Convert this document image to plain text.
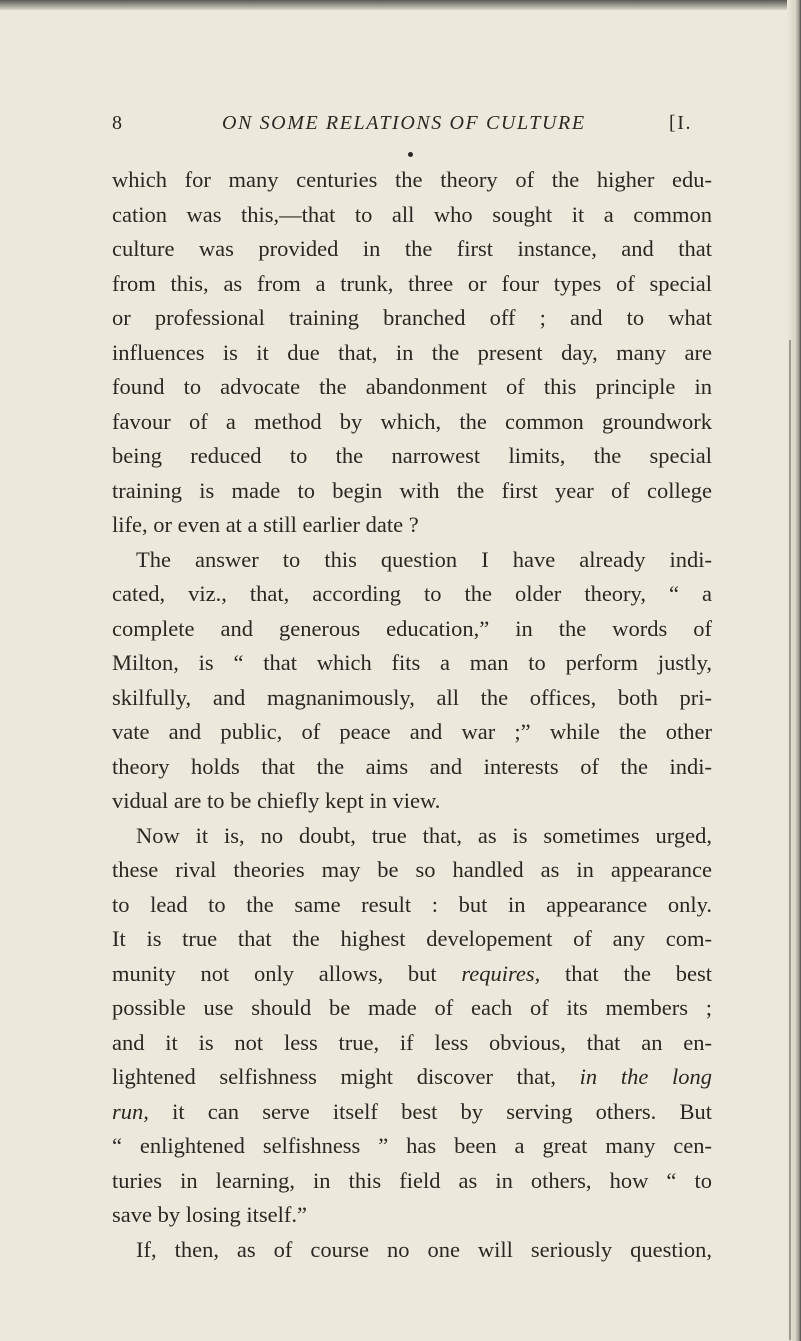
8	ON SOME RELATIONS OF CULTURE	[I.
which for many centuries the theory of the higher edu-
cation was this,—that to all who sought it a common
culture was provided in the first instance, and that
from this, as from a trunk, three or four types of special
or professional training branched off ; and to what
influences is it due that, in the present day, many are
found to advocate the abandonment of this principle in
favour of a method by which, the common groundwork
being reduced to the narrowest limits, the special
training is made to begin with the first year of college
life, or even at a still earlier date ?
The answer to this question I have already indi-
cated, viz., that, according to the older theory, “ a
complete and generous education,” in the words of
Milton, is “ that which fits a man to perform justly,
skilfully, and magnanimously, all the offices, both pri-
vate and public, of peace and war ;” while the other
theory holds that the aims and interests of the indi-
vidual are to be chiefly kept in view.
Now it is, no doubt, true that, as is sometimes urged,
these rival theories may be so handled as in appearance
to lead to the same result : but in appearance only.
It is true that the highest developement of any com-
munity not only allows, but requires, that the best
possible use should be made of each of its members ;
and it is not less true, if less obvious, that an en-
lightened selfishness might discover that, in the long
run, it can serve itself best by serving others. But
“ enlightened selfishness ” has been a great many cen-
turies in learning, in this field as in others, how “ to
save by losing itself.”
If, then, as of course no one will seriously question,
